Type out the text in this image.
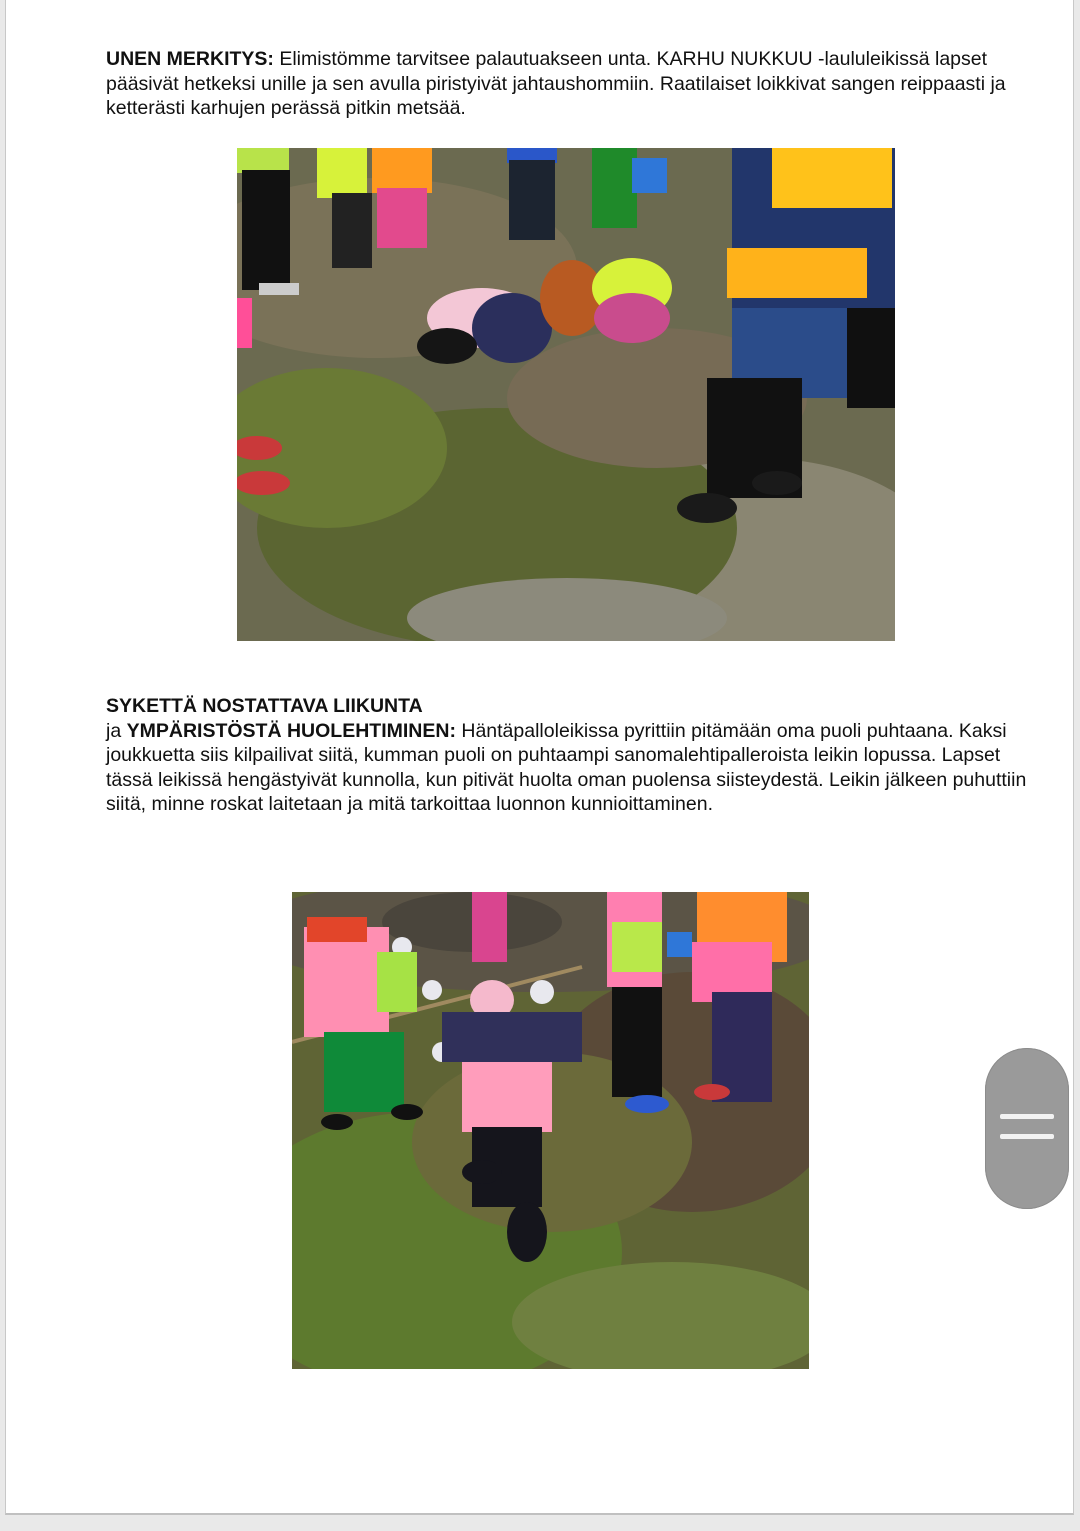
UNEN MERKITYS: Elimistömme tarvitsee palautuakseen unta. KARHU NUKKUU -laululeikissä lapset pääsivät hetkeksi unille ja sen avulla piristyivät jahtaushommiin. Raatilaiset loikkivat sangen reippaasti ja ketterästi karhujen perässä pitkin metsää.

SYKETTÄ NOSTATTAVA LIIKUNTA
ja YMPÄRISTÖSTÄ HUOLEHTIMINEN: Häntäpalloleikissa pyrittiin pitämään oma puoli puhtaana. Kaksi joukkuetta siis kilpailivat siitä, kumman puoli on puhtaampi sanomalehtipalleroista leikin lopussa. Lapset tässä leikissä hengästyivät kunnolla, kun pitivät huolta oman puolensa siisteydestä. Leikin jälkeen puhuttiin siitä, minne roskat laitetaan ja mitä tarkoittaa luonnon kunnioittaminen.
